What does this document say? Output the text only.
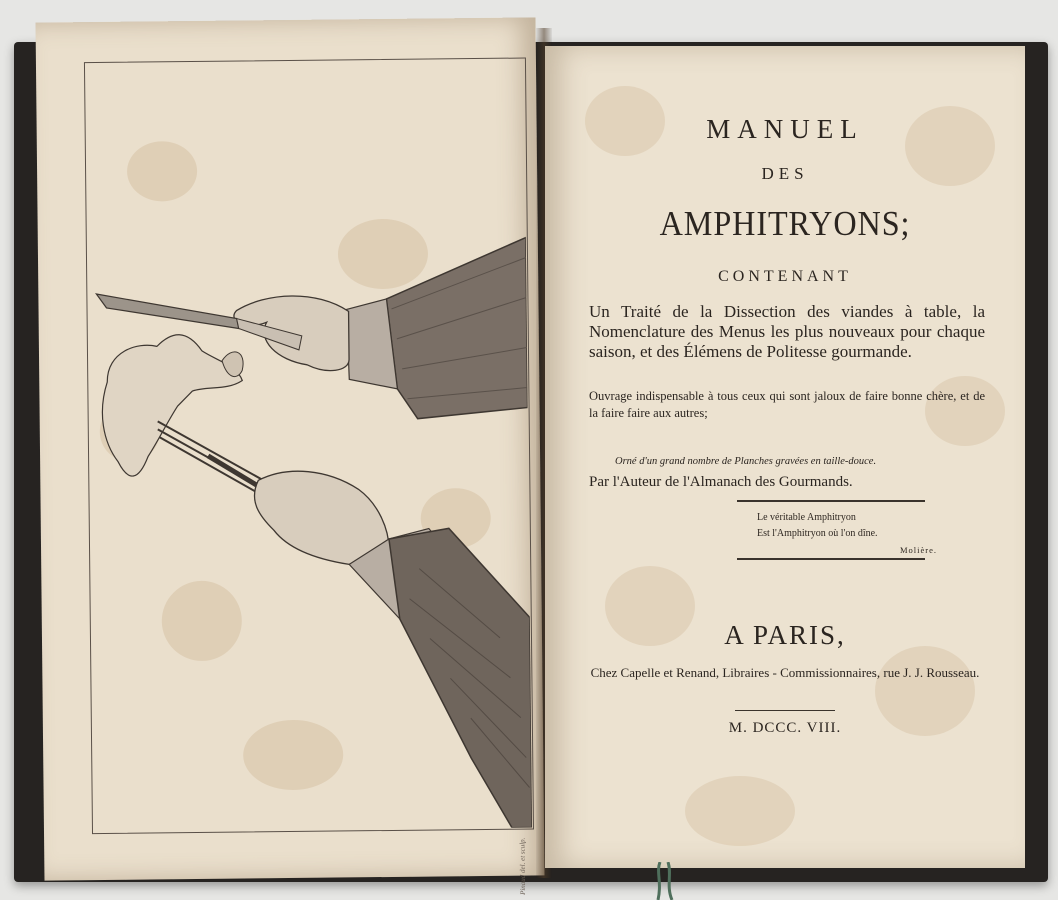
Pinaud del. et sculp.
MANUEL
DES
AMPHITRYONS;
CONTENANT
Un Traité de la Dissection des viandes à table, la Nomenclature des Menus les plus nouveaux pour chaque saison, et des Élémens de Politesse gourmande.
Ouvrage indispensable à tous ceux qui sont jaloux de faire bonne chère, et de la faire faire aux autres;
Orné d'un grand nombre de Planches gravées en taille-douce.
Par l'Auteur de l'Almanach des Gourmands.
Le véritable Amphitryon
Est l'Amphitryon où l'on dîne.
Molière.
A PARIS,
Chez Capelle et Renand, Libraires - Commissionnaires, rue J. J. Rousseau.
M. DCCC. VIII.
